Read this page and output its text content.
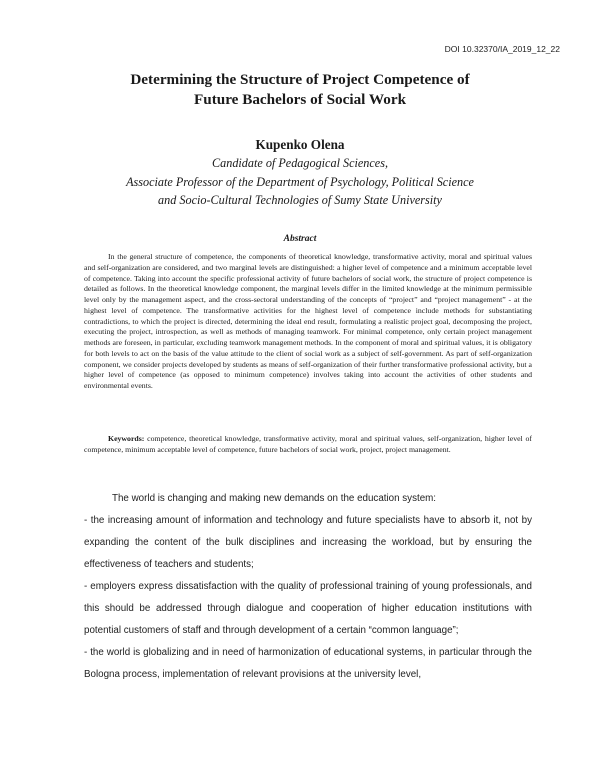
DOI 10.32370/IA_2019_12_22
Determining the Structure of Project Competence of
Future Bachelors of Social Work
Kupenko Olena
Candidate of Pedagogical Sciences,
Associate Professor of the Department of Psychology, Political Science
and Socio-Cultural Technologies of Sumy State University
Abstract

In the general structure of competence, the components of theoretical knowledge, transformative activity, moral and spiritual values and self-organization are considered, and two marginal levels are distinguished: a higher level of competence and a minimum acceptable level of competence. Taking into account the specific professional activity of future bachelors of social work, the structure of project competence is detailed as follows. In the theoretical knowledge component, the marginal levels differ in the limited knowledge at the minimum permissible level only by the management aspect, and the cross-sectoral understanding of the concepts of “project” and “project management” - at the highest level of competence. The transformative activities for the highest level of competence include methods for substantiating contradictions, to which the project is directed, determining the ideal end result, formulating a realistic project goal, decomposing the project, executing the project, introspection, as well as methods of managing teamwork. For minimal competence, only certain project management methods are foreseen, in particular, excluding teamwork management methods. In the component of moral and spiritual values, it is obligatory for both levels to act on the basis of the value attitude to the client of social work as a subject of self-government. As part of self-organization component, we consider projects developed by students as means of self-organization of their further transformative professional activity, but a higher level of competence (as opposed to minimum competence) involves taking into account the activities of other students and environmental events.

Keywords: competence, theoretical knowledge, transformative activity, moral and spiritual values, self-organization, higher level of competence, minimum acceptable level of competence, future bachelors of social work, project, project management.

The world is changing and making new demands on the education system:

- the increasing amount of information and technology and future specialists have to absorb it, not by expanding the content of the bulk disciplines and increasing the workload, but by ensuring the effectiveness of teachers and students;

- employers express dissatisfaction with the quality of professional training of young professionals, and this should be addressed through dialogue and cooperation of higher education institutions with potential customers of staff and through development of a certain “common language”;

- the world is globalizing and in need of harmonization of educational systems, in particular through the Bologna process, implementation of relevant provisions at the university level,
